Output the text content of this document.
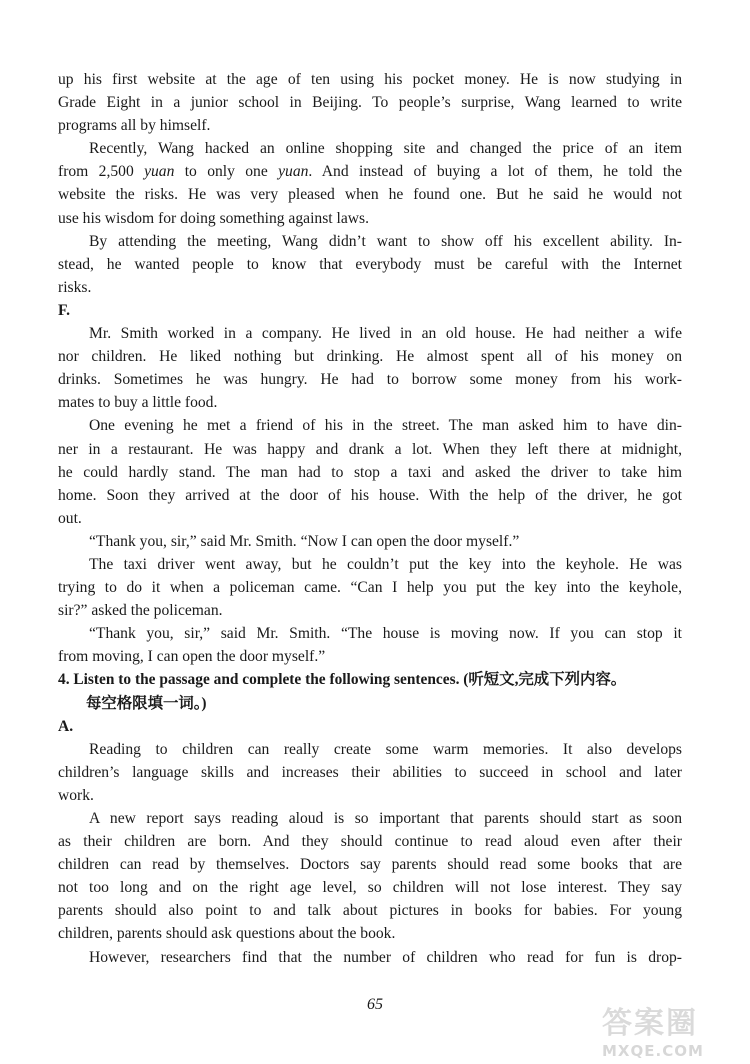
up his first website at the age of ten using his pocket money. He is now studying in
Grade Eight in a junior school in Beijing. To people’s surprise, Wang learned to write
programs all by himself.
Recently, Wang hacked an online shopping site and changed the price of an item
from 2,500 yuan to only one yuan. And instead of buying a lot of them, he told the
website the risks. He was very pleased when he found one. But he said he would not
use his wisdom for doing something against laws.
By attending the meeting, Wang didn’t want to show off his excellent ability. In-
stead, he wanted people to know that everybody must be careful with the Internet
risks.
F.
Mr. Smith worked in a company. He lived in an old house. He had neither a wife
nor children. He liked nothing but drinking. He almost spent all of his money on
drinks. Sometimes he was hungry. He had to borrow some money from his work-
mates to buy a little food.
One evening he met a friend of his in the street. The man asked him to have din-
ner in a restaurant. He was happy and drank a lot. When they left there at midnight,
he could hardly stand. The man had to stop a taxi and asked the driver to take him
home. Soon they arrived at the door of his house. With the help of the driver, he got
out.
“Thank you, sir,” said Mr. Smith. “Now I can open the door myself.”
The taxi driver went away, but he couldn’t put the key into the keyhole. He was
trying to do it when a policeman came. “Can I help you put the key into the keyhole,
sir?” asked the policeman.
“Thank you, sir,” said Mr. Smith. “The house is moving now. If you can stop it
from moving, I can open the door myself.”
4. Listen to the passage and complete the following sentences. (听短文,完成下列内容。
每空格限填一词。)
A.
Reading to children can really create some warm memories. It also develops
children’s language skills and increases their abilities to succeed in school and later
work.
A new report says reading aloud is so important that parents should start as soon
as their children are born. And they should continue to read aloud even after their
children can read by themselves. Doctors say parents should read some books that are
not too long and on the right age level, so children will not lose interest. They say
parents should also point to and talk about pictures in books for babies. For young
children, parents should ask questions about the book.
However, researchers find that the number of children who read for fun is drop-
65
答案圈
MXQE.COM
